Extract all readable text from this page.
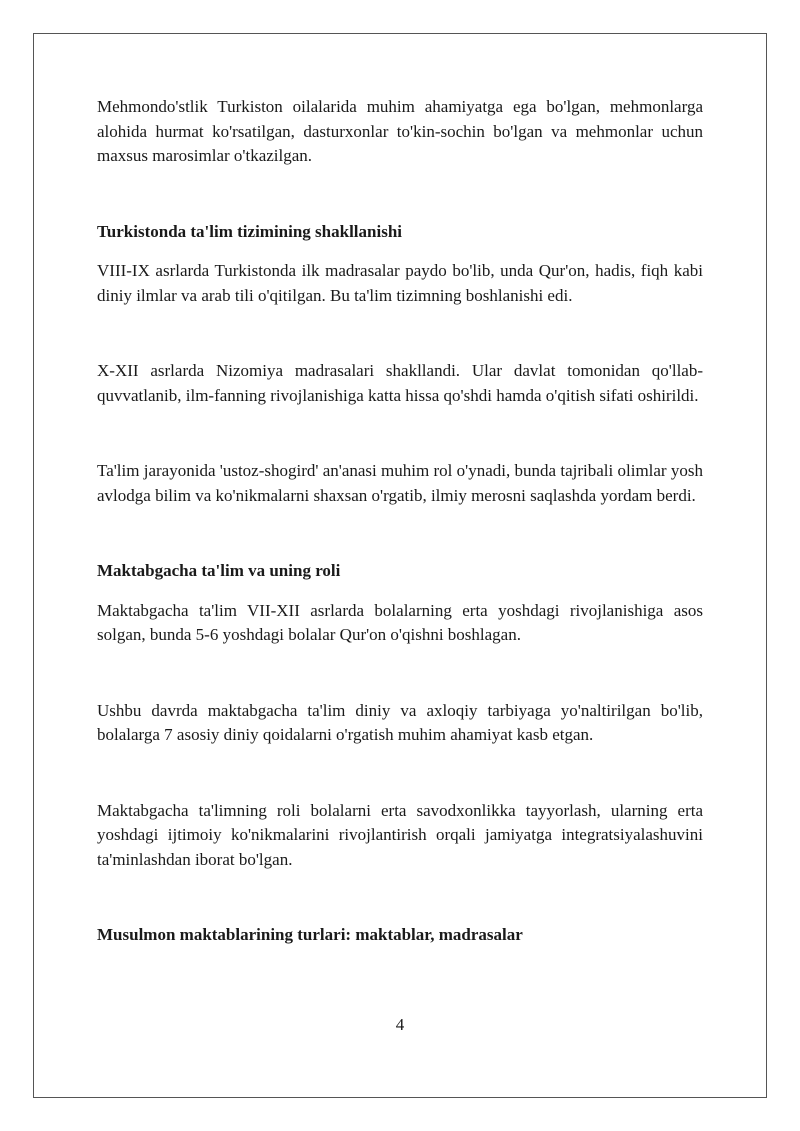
Mehmondo'stlik Turkiston oilalarida muhim ahamiyatga ega bo'lgan, mehmonlarga alohida hurmat ko'rsatilgan, dasturxonlar to'kin-sochin bo'lgan va mehmonlar uchun maxsus marosimlar o'tkazilgan.

Turkistonda ta'lim tizimining shakllanishi

VIII-IX asrlarda Turkistonda ilk madrasalar paydo bo'lib, unda Qur'on, hadis, fiqh kabi diniy ilmlar va arab tili o'qitilgan. Bu ta'lim tizimning boshlanishi edi.

X-XII asrlarda Nizomiya madrasalari shakllandi. Ular davlat tomonidan qo'llab-quvvatlanib, ilm-fanning rivojlanishiga katta hissa qo'shdi hamda o'qitish sifati oshirildi.

Ta'lim jarayonida 'ustoz-shogird' an'anasi muhim rol o'ynadi, bunda tajribali olimlar yosh avlodga bilim va ko'nikmalarni shaxsan o'rgatib, ilmiy merosni saqlashda yordam berdi.

Maktabgacha ta'lim va uning roli

Maktabgacha ta'lim VII-XII asrlarda bolalarning erta yoshdagi rivojlanishiga asos solgan, bunda 5-6 yoshdagi bolalar Qur'on o'qishni boshlagan.

Ushbu davrda maktabgacha ta'lim diniy va axloqiy tarbiyaga yo'naltirilgan bo'lib, bolalarga 7 asosiy diniy qoidalarni o'rgatish muhim ahamiyat kasb etgan.

Maktabgacha ta'limning roli bolalarni erta savodxonlikka tayyorlash, ularning erta yoshdagi ijtimoiy ko'nikmalarini rivojlantirish orqali jamiyatga integratsiyalashuvini ta'minlashdan iborat bo'lgan.

Musulmon maktablarining turlari: maktablar, madrasalar
4
